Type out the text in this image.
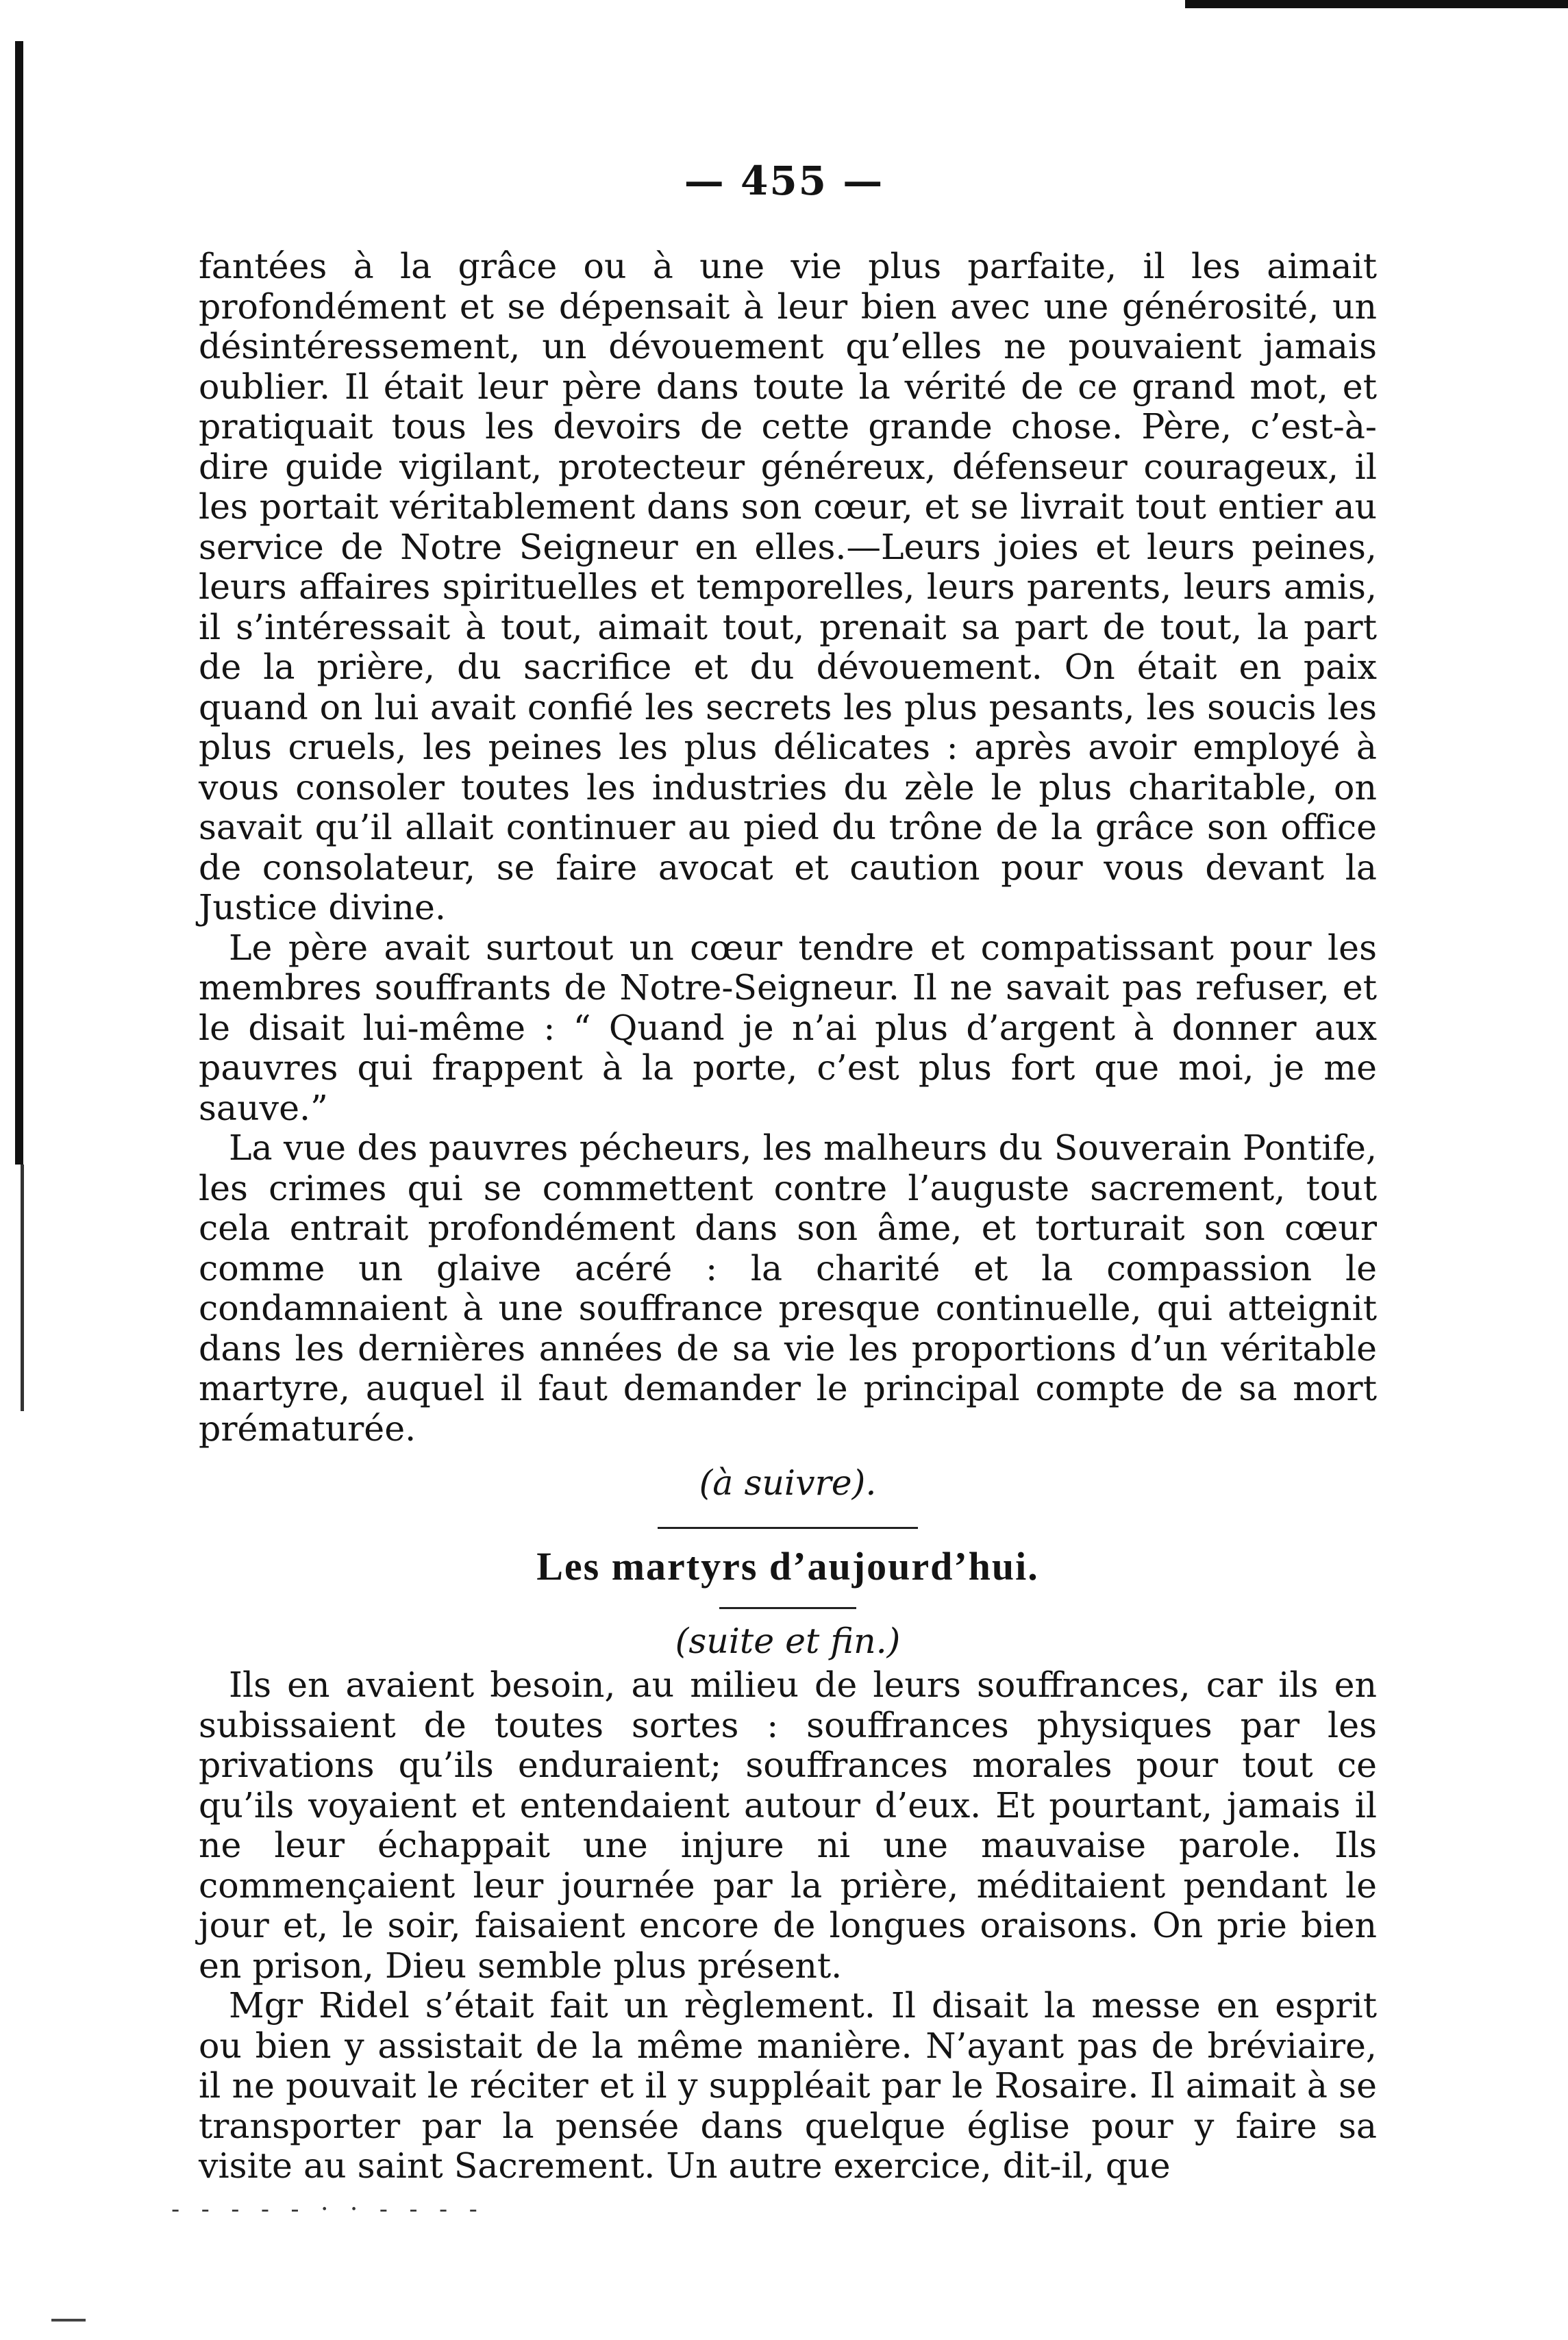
— 455 —

fantées à la grâce ou à une vie plus parfaite, il les aimait profondément et se dépensait à leur bien avec une générosité, un désintéressement, un dévouement qu’elles ne pouvaient jamais oublier. Il était leur père dans toute la vérité de ce grand mot, et pratiquait tous les devoirs de cette grande chose. Père, c’est-à-dire guide vigilant, protecteur généreux, défenseur courageux, il les portait véritablement dans son cœur, et se livrait tout entier au service de Notre Seigneur en elles.—Leurs joies et leurs peines, leurs affaires spirituelles et temporelles, leurs parents, leurs amis, il s’intéressait à tout, aimait tout, prenait sa part de tout, la part de la prière, du sacrifice et du dévouement. On était en paix quand on lui avait confié les secrets les plus pesants, les soucis les plus cruels, les peines les plus délicates : après avoir employé à vous consoler toutes les industries du zèle le plus charitable, on savait qu’il allait continuer au pied du trône de la grâce son office de consolateur, se faire avocat et caution pour vous devant la Justice divine.

Le père avait surtout un cœur tendre et compatissant pour les membres souffrants de Notre-Seigneur. Il ne savait pas refuser, et le disait lui-même : “ Quand je n’ai plus d’argent à donner aux pauvres qui frappent à la porte, c’est plus fort que moi, je me sauve.”

La vue des pauvres pécheurs, les malheurs du Souverain Pontife, les crimes qui se commettent contre l’auguste sacrement, tout cela entrait profondément dans son âme, et torturait son cœur comme un glaive acéré : la charité et la compassion le condamnaient à une souffrance presque continuelle, qui atteignit dans les dernières années de sa vie les proportions d’un véritable martyre, auquel il faut demander le principal compte de sa mort prématurée.

(à suivre).

Les martyrs d’aujourd’hui.

(suite et fin.)

Ils en avaient besoin, au milieu de leurs souffrances, car ils en subissaient de toutes sortes : souffrances physiques par les privations qu’ils enduraient; souffrances morales pour tout ce qu’ils voyaient et entendaient autour d’eux. Et pourtant, jamais il ne leur échappait une injure ni une mauvaise parole. Ils commençaient leur journée par la prière, méditaient pendant le jour et, le soir, faisaient encore de longues oraisons. On prie bien en prison, Dieu semble plus présent.

Mgr Ridel s’était fait un règlement. Il disait la messe en esprit ou bien y assistait de la même manière. N’ayant pas de bréviaire, il ne pouvait le réciter et il y suppléait par le Rosaire. Il aimait à se transporter par la pensée dans quelque église pour y faire sa visite au saint Sacrement. Un autre exercice, dit-il, que

- - - - - · · - - - -
